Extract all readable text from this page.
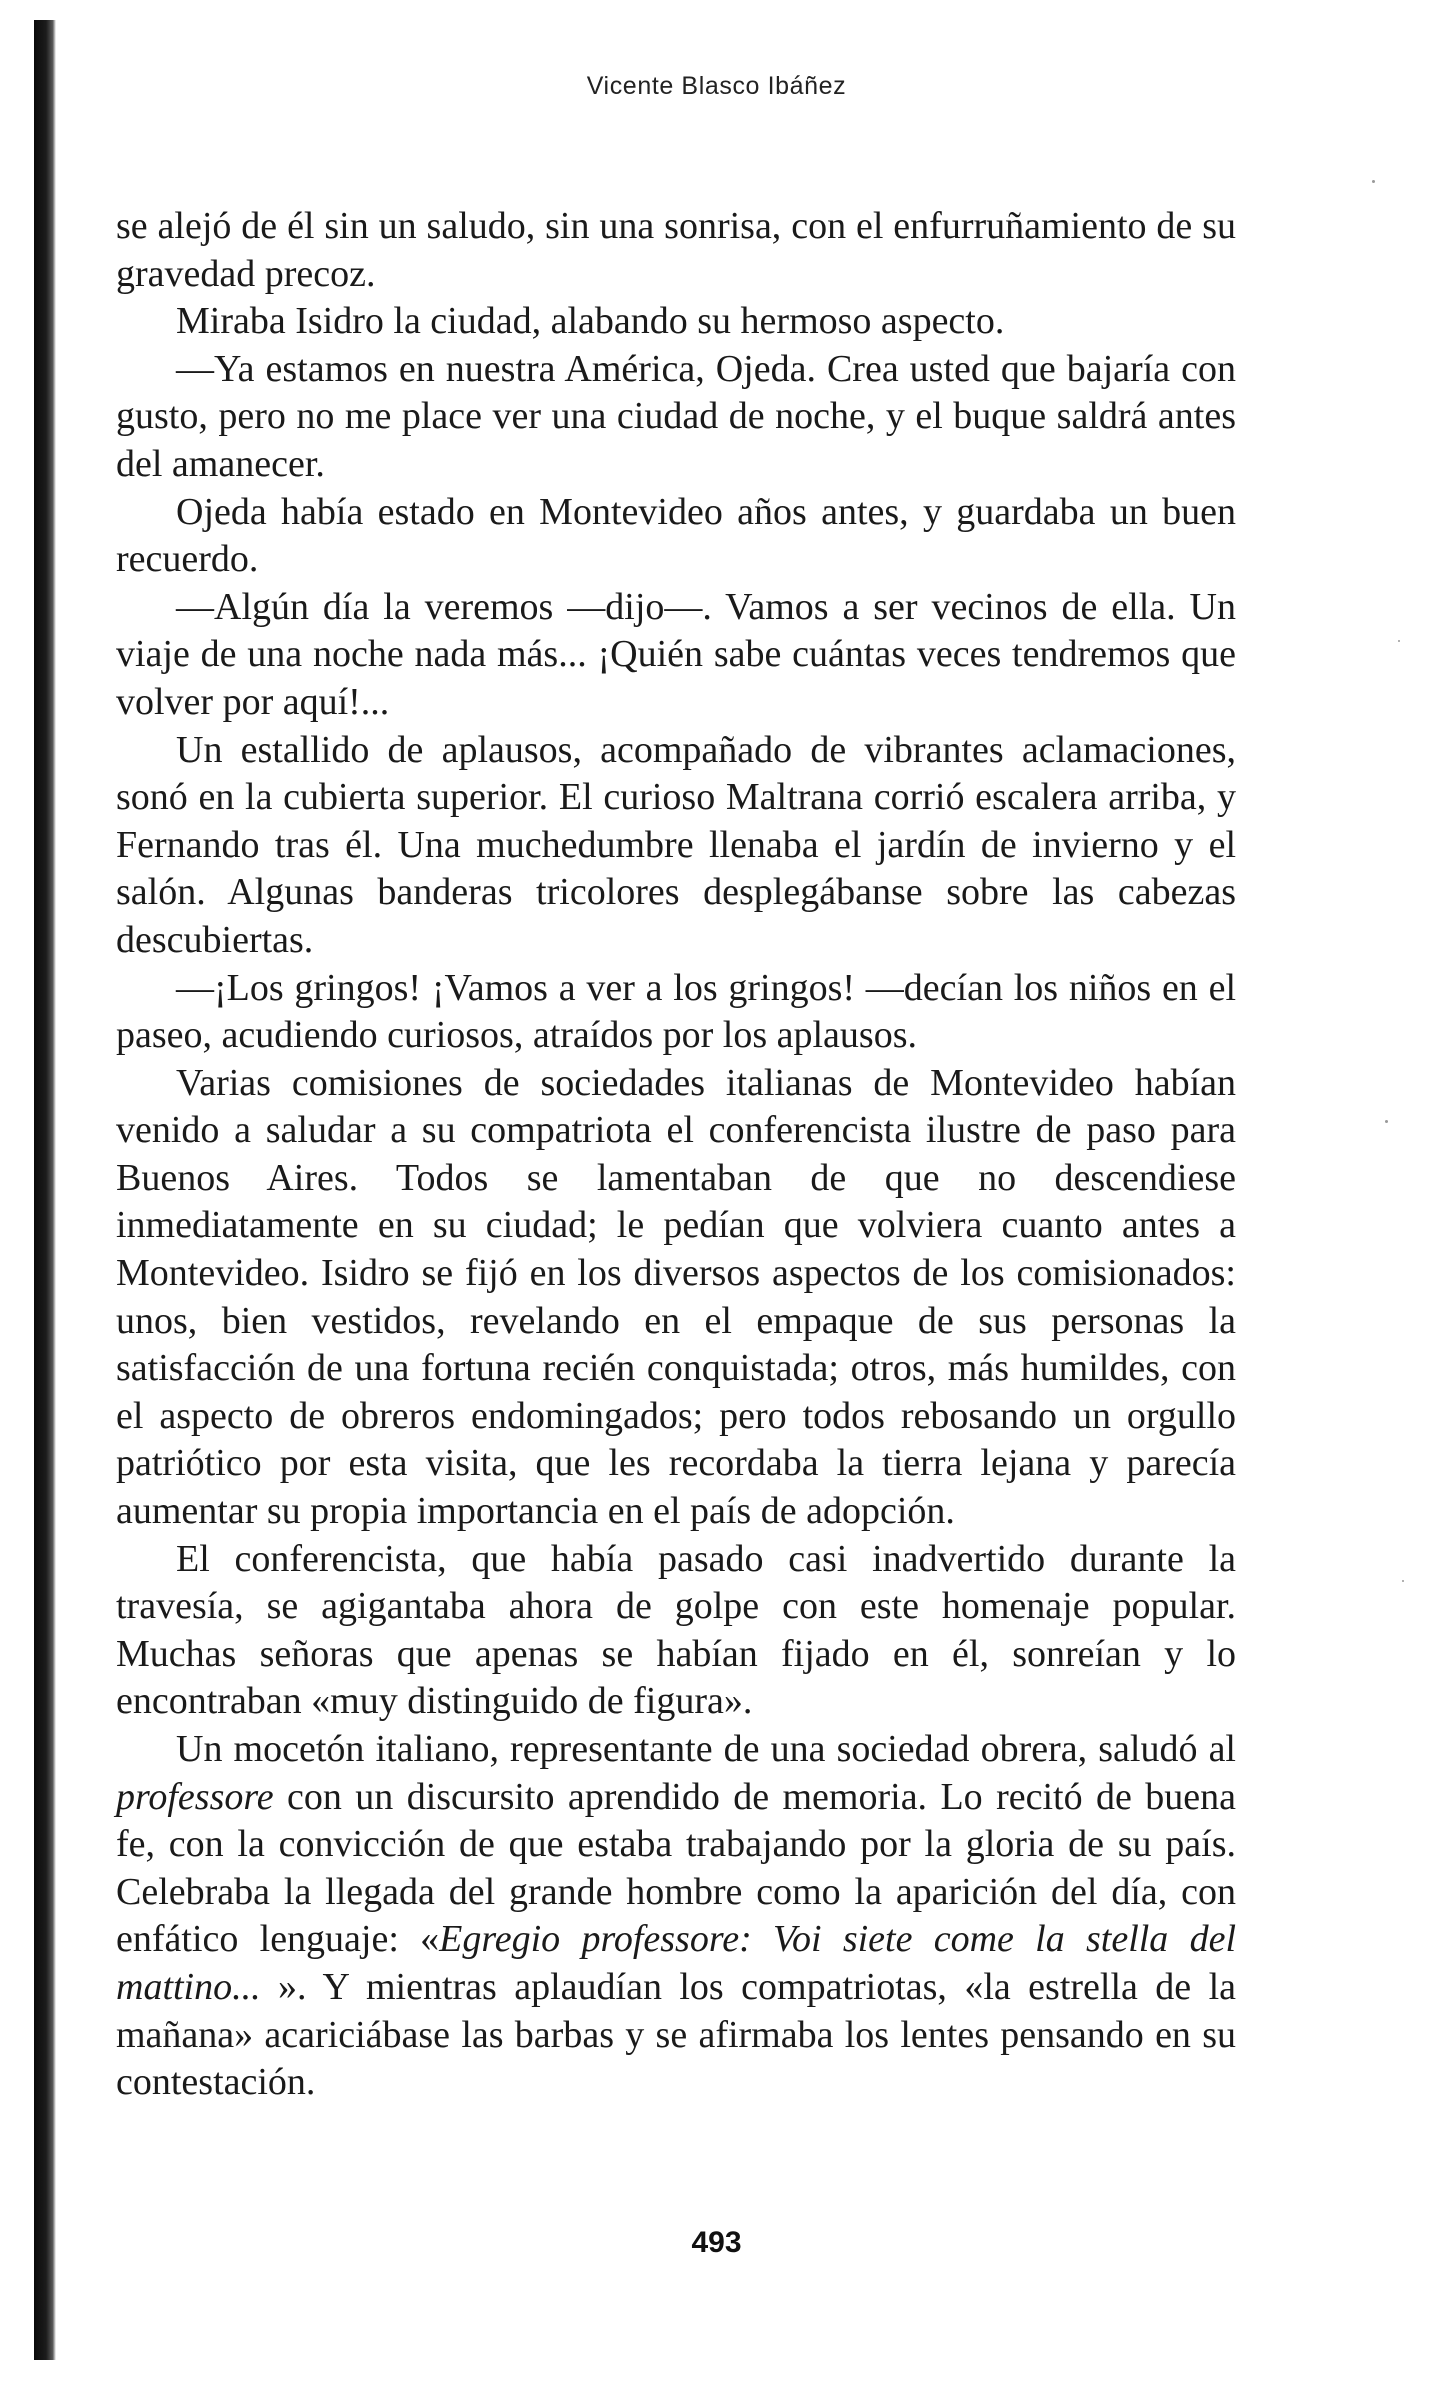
Vicente Blasco Ibáñez

se alejó de él sin un saludo, sin una sonrisa, con el enfurruñamiento de su gravedad precoz.

Miraba Isidro la ciudad, alabando su hermoso aspecto.

—Ya estamos en nuestra América, Ojeda. Crea usted que bajaría con gusto, pero no me place ver una ciudad de noche, y el buque saldrá antes del amanecer.

Ojeda había estado en Montevideo años antes, y guardaba un buen recuerdo.

—Algún día la veremos —dijo—. Vamos a ser vecinos de ella. Un viaje de una noche nada más... ¡Quién sabe cuántas veces tendremos que volver por aquí!...

Un estallido de aplausos, acompañado de vibrantes aclamaciones, sonó en la cubierta superior. El curioso Maltrana corrió escalera arriba, y Fernando tras él. Una muchedumbre llenaba el jardín de invierno y el salón. Algunas banderas tricolores desplegábanse sobre las cabezas descubiertas.

—¡Los gringos! ¡Vamos a ver a los gringos! —decían los niños en el paseo, acudiendo curiosos, atraídos por los aplausos.

Varias comisiones de sociedades italianas de Montevideo habían venido a saludar a su compatriota el conferencista ilustre de paso para Buenos Aires. Todos se lamentaban de que no descendiese inmediatamente en su ciudad; le pedían que volviera cuanto antes a Montevideo. Isidro se fijó en los diversos aspectos de los comisionados: unos, bien vestidos, revelando en el empaque de sus personas la satisfacción de una fortuna recién conquistada; otros, más humildes, con el aspecto de obreros endomingados; pero todos rebosando un orgullo patriótico por esta visita, que les recordaba la tierra lejana y parecía aumentar su propia importancia en el país de adopción.

El conferencista, que había pasado casi inadvertido durante la travesía, se agigantaba ahora de golpe con este homenaje popular. Muchas señoras que apenas se habían fijado en él, sonreían y lo encontraban «muy distinguido de figura».

Un mocetón italiano, representante de una sociedad obrera, saludó al professore con un discursito aprendido de memoria. Lo recitó de buena fe, con la convicción de que estaba trabajando por la gloria de su país. Celebraba la llegada del grande hombre como la aparición del día, con enfático lenguaje: «Egregio professore: Voi siete come la stella del mattino... ». Y mientras aplaudían los compatriotas, «la estrella de la mañana» acariciábase las barbas y se afirmaba los lentes pensando en su contestación.

493
